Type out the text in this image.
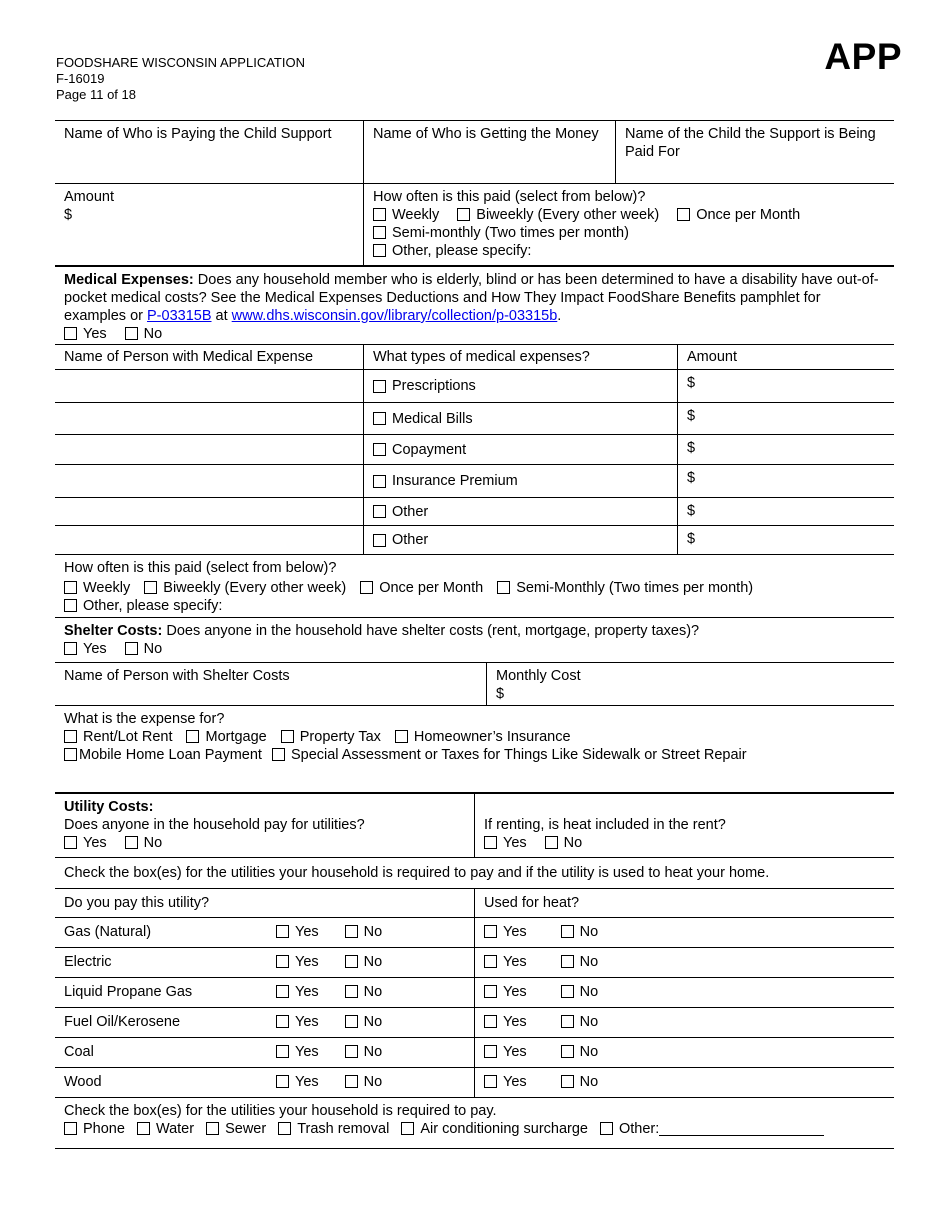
FOODSHARE WISCONSIN APPLICATION
F-16019
Page 11 of 18
APP
Name of Who is Paying the Child Support	Name of Who is Getting the Money	Name of the Child the Support is Being Paid For
Amount
$
How often is this paid (select from below)?
Weekly	Biweekly (Every other week)	Once per Month
Semi-monthly (Two times per month)
Other, please specify:
Medical Expenses: Does any household member who is elderly, blind or has been determined to have a disability have out-of-pocket medical costs? See the Medical Expenses Deductions and How They Impact FoodShare Benefits pamphlet for examples or P-03315B at www.dhs.wisconsin.gov/library/collection/p-03315b.
Yes	No
Name of Person with Medical Expense	What types of medical expenses?	Amount
Prescriptions	$
Medical Bills	$
Copayment	$
Insurance Premium	$
Other	$
Other	$
How often is this paid (select from below)?
Weekly Biweekly (Every other week) Once per Month Semi-Monthly (Two times per month)
Other, please specify:
Shelter Costs: Does anyone in the household have shelter costs (rent, mortgage, property taxes)?
Yes	No
Name of Person with Shelter Costs	Monthly Cost
$
What is the expense for?
Rent/Lot Rent Mortgage Property Tax Homeowner’s Insurance
Mobile Home Loan Payment Special Assessment or Taxes for Things Like Sidewalk or Street Repair
Utility Costs:
Does anyone in the household pay for utilities?
Yes	No
If renting, is heat included in the rent?
Yes	No
Check the box(es) for the utilities your household is required to pay and if the utility is used to heat your home.
Do you pay this utility?	Used for heat?
Gas (Natural)	Yes	No	Yes	No
Electric	Yes	No	Yes	No
Liquid Propane Gas	Yes	No	Yes	No
Fuel Oil/Kerosene	Yes	No	Yes	No
Coal	Yes	No	Yes	No
Wood	Yes	No	Yes	No
Check the box(es) for the utilities your household is required to pay.
Phone Water Sewer Trash removal Air conditioning surcharge Other:
